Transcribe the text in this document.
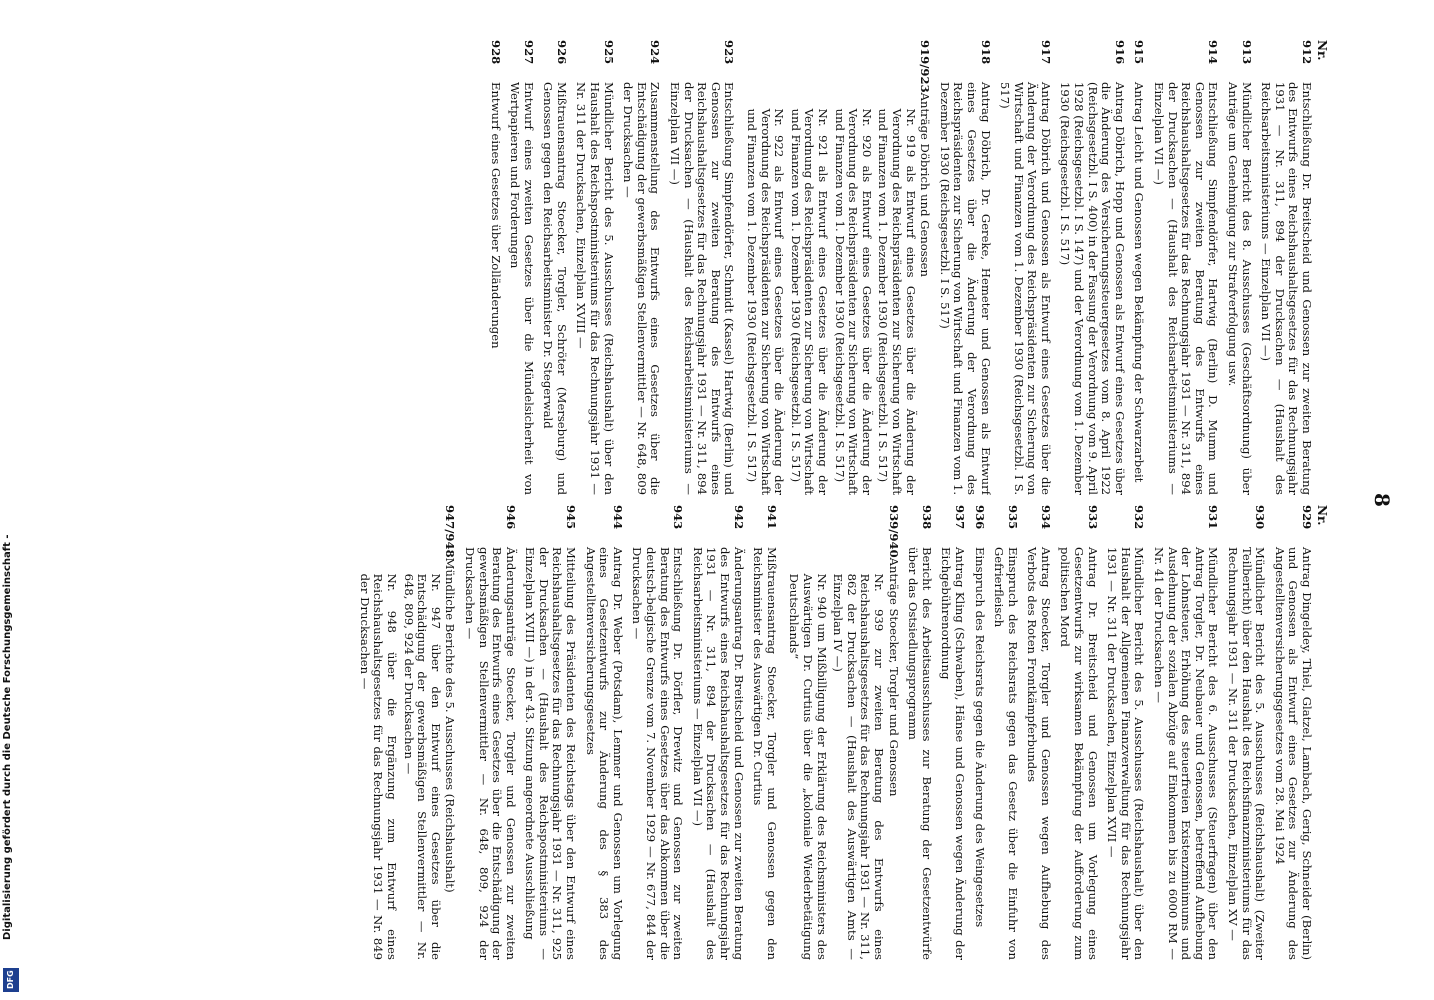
8
Nr.
912
Entschließung Dr. Breitscheid und Genossen zur zweiten Beratung des Entwurfs eines Reichshaushaltsgesetzes für das Rechnungsjahr 1931 — Nr. 311, 894 der Drucksachen — (Haushalt des Reichsarbeitsministeriums — Einzelplan VII —)
913
Mündlicher Bericht des 8. Ausschusses (Geschäftsordnung) über Anträge um Genehmigung zur Strafverfolgung usw.
914
Entschließung Simpfendörfer, Hartwig (Berlin) D. Mumm und Genossen zur zweiten Beratung des Entwurfs eines Reichshaushaltsgesetzes für das Rechnungsjahr 1931 — Nr. 311, 894 der Drucksachen — (Haushalt des Reichsarbeitsministeriums — Einzelplan VII —)
915
Antrag Leicht und Genossen wegen Bekämpfung der Schwarzarbeit
916
Antrag Döbrich, Hopp und Genossen als Entwurf eines Gesetzes über die Änderung des Versicherungssteuergesetzes vom 8. April 1922 (Reichsgesetzbl. I S. 400) in der Fassung der Verordnung vom 9. April 1928 (Reichsgesetzbl. I S. 147) und der Verordnung vom 1. Dezember 1930 (Reichsgesetzbl. I S. 517)
917
Antrag Döbrich und Genossen als Entwurf eines Gesetzes über die Änderung der Verordnung des Reichspräsidenten zur Sicherung von Wirtschaft und Finanzen vom 1. Dezember 1930 (Reichsgesetzbl. I S. 517)
918
Antrag Döbrich, Dr. Gereke, Hemeter und Genossen als Entwurf eines Gesetzes über die Änderung der Verordnung des Reichspräsidenten zur Sicherung von Wirtschaft und Finanzen vom 1. Dezember 1930 (Reichsgesetzbl. I S. 517)
919/923
Anträge Döbrich und Genossen
Nr. 919 als Entwurf eines Gesetzes über die Änderung der Verordnung des Reichspräsidenten zur Sicherung von Wirtschaft und Finanzen vom 1. Dezember 1930 (Reichsgesetzbl. I S. 517)
Nr. 920 als Entwurf eines Gesetzes über die Änderung der Verordnung des Reichspräsidenten zur Sicherung von Wirtschaft und Finanzen vom 1. Dezember 1930 (Reichsgesetzbl. I S. 517)
Nr. 921 als Entwurf eines Gesetzes über die Änderung der Verordnung des Reichspräsidenten zur Sicherung von Wirtschaft und Finanzen vom 1. Dezember 1930 (Reichsgesetzbl. I S. 517)
Nr. 922 als Entwurf eines Gesetzes über die Änderung der Verordnung des Reichspräsidenten zur Sicherung von Wirtschaft und Finanzen vom 1. Dezember 1930 (Reichsgesetzbl. I S. 517)
923
Entschließung Simpfendörfer, Schmidt (Kassel) Hartwig (Berlin) und Genossen zur zweiten Beratung des Entwurfs eines Reichshaushaltsgesetzes für das Rechnungsjahr 1931 — Nr. 311, 894 der Drucksachen — (Haushalt des Reichsarbeitsministeriums — Einzelplan VII —)
924
Zusammenstellung des Entwurfs eines Gesetzes über die Entschädigung der gewerbsmäßigen Stellenvermittler — Nr. 648, 809 der Drucksachen —
925
Mündlicher Bericht des 5. Ausschusses (Reichshaushalt) über den Haushalt des Reichspostministeriums für das Rechnungsjahr 1931 — Nr. 311 der Drucksachen, Einzelplan XVIII —
926
Mißtrauensantrag Stoecker, Torgler, Schröter (Merseburg) und Genossen gegen den Reichsarbeitsminister Dr. Stegerwald
927
Entwurf eines zweiten Gesetzes über die Mündelsicherheit von Wertpapieren und Forderungen
928
Entwurf eines Gesetzes über Zolländerungen
Nr.
929
Antrag Dingeldey, Thiel, Glatzel, Lambach, Gerig, Schneider (Berlin) und Genossen als Entwurf eines Gesetzes zur Änderung des Angestelltenversicherungsgesetzes vom 28. Mai 1924
930
Mündlicher Bericht des 5. Ausschusses (Reichshaushalt) (Zweiter Teilbericht) über den Haushalt des Reichsfinanzministeriums für das Rechnungsjahr 1931 — Nr. 311 der Drucksachen, Einzelplan XV —
931
Mündlicher Bericht des 6. Ausschusses (Steuerfragen) über den Antrag Torgler, Dr. Neubauer und Genossen, betreffend Aufhebung der Lohnsteuer, Erhöhung des steuerfreien Existenzminimums und Ausdehnung der sozialen Abzüge auf Einkommen bis zu 6000 RM — Nr. 41 der Drucksachen —
932
Mündlicher Bericht des 5. Ausschusses (Reichshaushalt) über den Haushalt der Allgemeinen Finanzverwaltung für das Rechnungsjahr 1931 — Nr. 311 der Drucksachen, Einzelplan XVII —
933
Antrag Dr. Breitscheid und Genossen um Vorlegung eines Gesetzentwurfs zur wirksamen Bekämpfung der Aufforderung zum politischen Mord
934
Antrag Stoecker, Torgler und Genossen wegen Aufhebung des Verbots des Roten Frontkämpferbundes
935
Einspruch des Reichsrats gegen das Gesetz über die Einfuhr von Gefrierfleisch
936
Einspruch des Reichsrats gegen die Änderung des Weingesetzes
937
Antrag Kling (Schwaben), Hänse und Genossen wegen Änderung der Eichgebührenordnung
938
Bericht des Arbeitsausschusses zur Beratung der Gesetzentwürfe über das Ostsiedlungsprogramm
939/940
Anträge Stoecker, Torgler und Genossen
Nr. 939 zur zweiten Beratung des Entwurfs eines Reichshaushaltsgesetzes für das Rechnungsjahr 1931 — Nr. 311, 862 der Drucksachen — (Haushalt des Auswärtigen Amts — Einzelplan IV —)
Nr. 940 um Mißbilligung der Erklärung des Reichsministers des Auswärtigen Dr. Curtius über die „koloniale Wiederbetätigung Deutschlands“
941
Mißtrauensantrag Stoecker, Torgler und Genossen gegen den Reichsminister des Auswärtigen Dr. Curtius
942
Änderungsantrag Dr. Breitscheid und Genossen zur zweiten Beratung des Entwurfs eines Reichshaushaltsgesetzes für das Rechnungsjahr 1931 — Nr. 311, 894 der Drucksachen — (Haushalt des Reichsarbeitsministeriums — Einzelplan VII —)
943
Entschließung Dr. Dörfler, Drewitz und Genossen zur zweiten Beratung des Entwurfs eines Gesetzes über das Abkommen über die deutsch-belgische Grenze vom 7. November 1929 — Nr. 677, 844 der Drucksachen —
944
Antrag Dr. Weber (Potsdam), Lemmer und Genossen um Vorlegung eines Gesetzentwurfs zur Änderung des § 383 des Angestelltenversicherungsgesetzes
945
Mitteilung des Präsidenten des Reichstags über den Entwurf eines Reichshaushaltsgesetzes für das Rechnungsjahr 1931 — Nr. 311, 925 der Drucksachen — (Haushalt des Reichspostministeriums — Einzelplan XVIII —) in der 43. Sitzung angeordnete Ausschließung
946
Änderungsanträge Stoecker, Torgler und Genossen zur zweiten Beratung des Entwurfs eines Gesetzes über die Entschädigung der gewerbsmäßigen Stellenvermittler — Nr. 648, 809, 924 der Drucksachen —
947/948
Mündliche Berichte des 5. Ausschusses (Reichshaushalt)
Nr. 947 über den Entwurf eines Gesetzes über die Entschädigung der gewerbsmäßigen Stellenvermittler — Nr. 648, 809, 924 der Drucksachen —
Nr. 948 über die Ergänzung zum Entwurf eines Reichshaushaltsgesetzes für das Rechnungsjahr 1931 — Nr. 849 der Drucksachen —
Digitalisierung gefördert durch die Deutsche Forschungsgemeinschaft -
DFG
